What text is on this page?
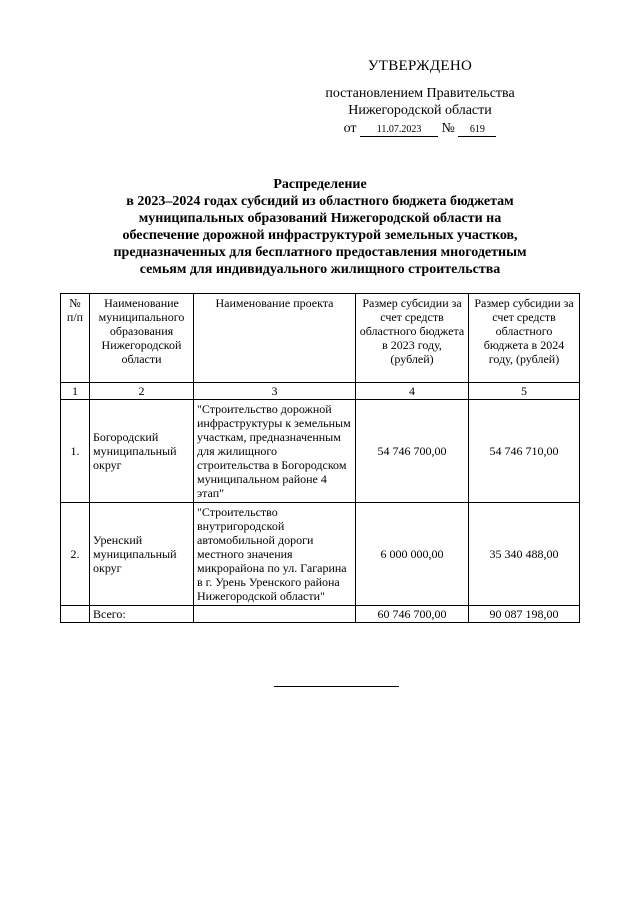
УТВЕРЖДЕНО
постановлением Правительства
Нижегородской области
от 11.07.2023 № 619
Распределение
в 2023–2024 годах субсидий из областного бюджета бюджетам
муниципальных образований Нижегородской области на
обеспечение дорожной инфраструктурой земельных участков,
предназначенных для бесплатного предоставления многодетным
семьям для индивидуального жилищного строительства
№ п/п	Наименование муниципального образования Нижегородской области	Наименование проекта	Размер субсидии за счет средств областного бюджета в 2023 году, (рублей)	Размер субсидии за счет средств областного бюджета в 2024 году, (рублей)
1	2	3	4	5
1.	Богородский муниципальный округ	"Строительство дорожной инфраструктуры к земельным участкам, предназначенным для жилищного строительства в Богородском муниципальном районе 4 этап"	54 746 700,00	54 746 710,00
2.	Уренский муниципальный округ	"Строительство внутригородской автомобильной дороги местного значения микрорайона по ул. Гагарина в г. Урень Уренского района Нижегородской области"	6 000 000,00	35 340 488,00
	Всего:		60 746 700,00	90 087 198,00
